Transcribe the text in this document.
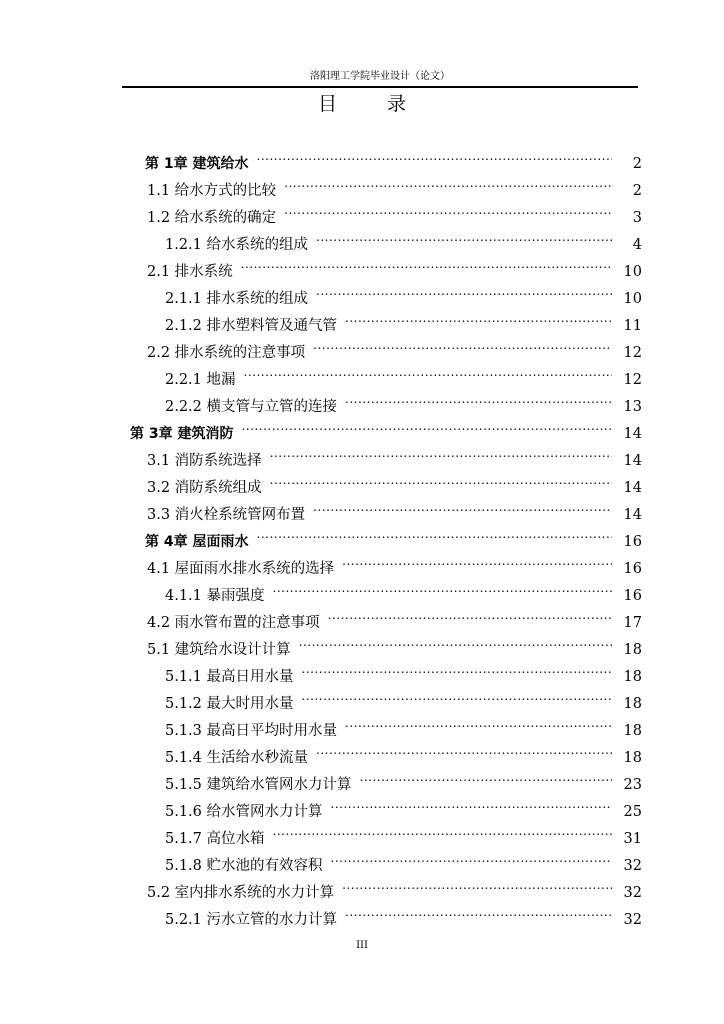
洛阳理工学院毕业设计（论文）
目 录
第 1章 建筑给水 .....	2
1.1 给水方式的比较 .....	2
1.2 给水系统的确定 .....	3
1.2.1 给水系统的组成 .....	4
2.1 排水系统 .....	10
2.1.1 排水系统的组成 .....	10
2.1.2 排水塑料管及通气管 .....	11
2.2 排水系统的注意事项 .....	12
2.2.1 地漏 .....	12
2.2.2 横支管与立管的连接 .....	13
第 3章 建筑消防 .....	14
3.1 消防系统选择 .....	14
3.2 消防系统组成 .....	14
3.3 消火栓系统管网布置 .....	14
第 4章 屋面雨水 .....	16
4.1 屋面雨水排水系统的选择 .....	16
4.1.1 暴雨强度 .....	16
4.2 雨水管布置的注意事项 .....	17
5.1 建筑给水设计计算 .....	18
5.1.1 最高日用水量 .....	18
5.1.2 最大时用水量 .....	18
5.1.3 最高日平均时用水量 .....	18
5.1.4 生活给水秒流量 .....	18
5.1.5 建筑给水管网水力计算 .....	23
5.1.6 给水管网水力计算 .....	25
5.1.7 高位水箱 .....	31
5.1.8 贮水池的有效容积 .....	32
5.2 室内排水系统的水力计算 .....	32
5.2.1 污水立管的水力计算 .....	32
III
